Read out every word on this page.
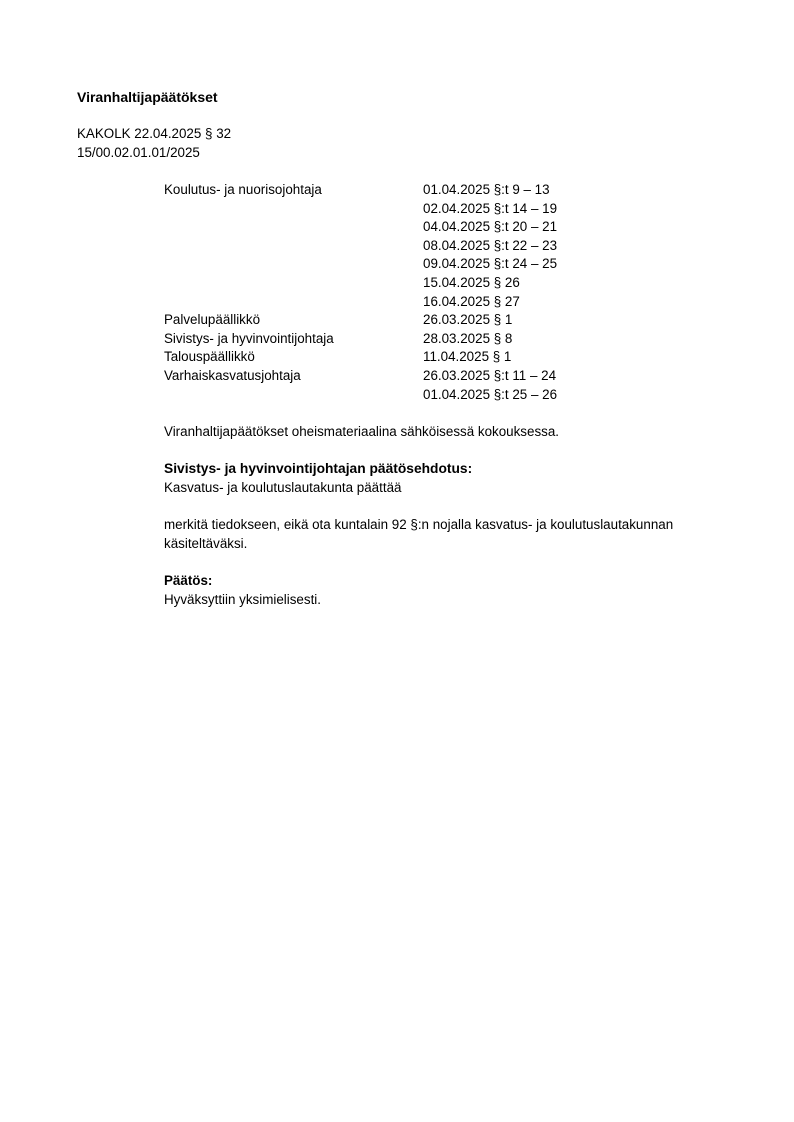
Viranhaltijapäätökset
KAKOLK 22.04.2025 § 32
15/00.02.01.01/2025
Koulutus- ja nuorisojohtaja	01.04.2025 §:t 9 – 13
02.04.2025 §:t 14 – 19
04.04.2025 §:t 20 – 21
08.04.2025 §:t 22 – 23
09.04.2025 §:t 24 – 25
15.04.2025 § 26
16.04.2025 § 27
Palvelupäällikkö	26.03.2025 § 1
Sivistys- ja hyvinvointijohtaja	28.03.2025 § 8
Talouspäällikkö	11.04.2025 § 1
Varhaiskasvatusjohtaja	26.03.2025 §:t 11 – 24
01.04.2025 §:t 25 – 26
Viranhaltijapäätökset oheismateriaalina sähköisessä kokouksessa.
Sivistys- ja hyvinvointijohtajan päätösehdotus:
Kasvatus- ja koulutuslautakunta päättää
merkitä tiedokseen, eikä ota kuntalain 92 §:n nojalla kasvatus- ja koulutuslautakunnan käsiteltäväksi.
Päätös:
Hyväksyttiin yksimielisesti.
